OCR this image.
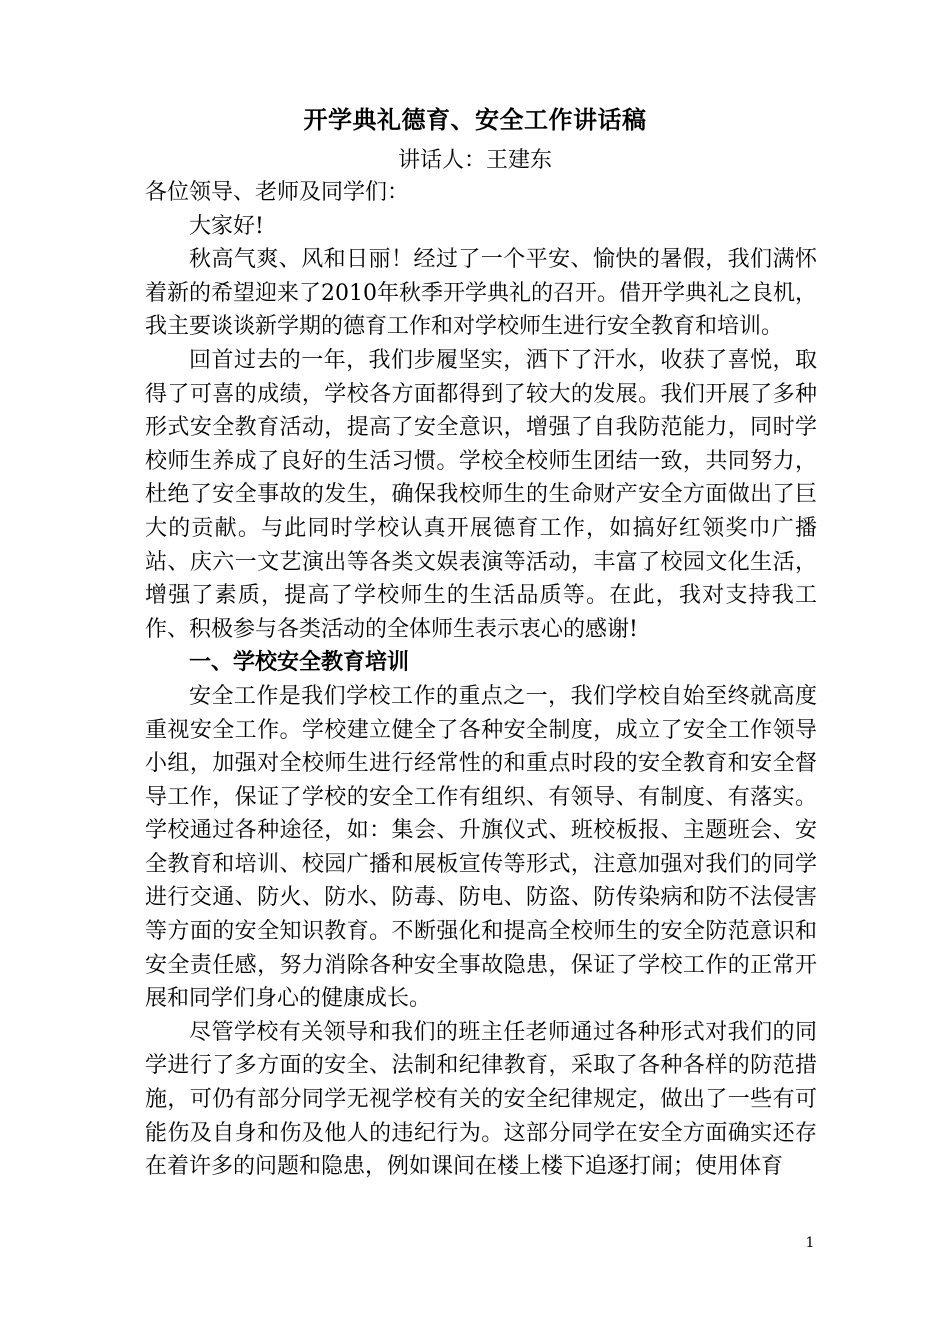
开学典礼德育、安全工作讲话稿
讲话人：王建东

各位领导、老师及同学们：

大家好!

秋高气爽、风和日丽！经过了一个平安、愉快的暑假，我们满怀着新的希望迎来了2010年秋季开学典礼的召开。借开学典礼之良机，我主要谈谈新学期的德育工作和对学校师生进行安全教育和培训。

回首过去的一年，我们步履坚实，洒下了汗水，收获了喜悦，取得了可喜的成绩，学校各方面都得到了较大的发展。我们开展了多种形式安全教育活动，提高了安全意识，增强了自我防范能力，同时学校师生养成了良好的生活习惯。学校全校师生团结一致，共同努力，杜绝了安全事故的发生，确保我校师生的生命财产安全方面做出了巨大的贡献。与此同时学校认真开展德育工作，如搞好红领奖巾广播站、庆六一文艺演出等各类文娱表演等活动，丰富了校园文化生活，增强了素质，提高了学校师生的生活品质等。在此，我对支持我工作、积极参与各类活动的全体师生表示衷心的感谢!

一、学校安全教育培训

安全工作是我们学校工作的重点之一，我们学校自始至终就高度重视安全工作。学校建立健全了各种安全制度，成立了安全工作领导小组，加强对全校师生进行经常性的和重点时段的安全教育和安全督导工作，保证了学校的安全工作有组织、有领导、有制度、有落实。学校通过各种途径，如：集会、升旗仪式、班校板报、主题班会、安全教育和培训、校园广播和展板宣传等形式，注意加强对我们的同学进行交通、防火、防水、防毒、防电、防盗、防传染病和防不法侵害等方面的安全知识教育。不断强化和提高全校师生的安全防范意识和安全责任感，努力消除各种安全事故隐患，保证了学校工作的正常开展和同学们身心的健康成长。

尽管学校有关领导和我们的班主任老师通过各种形式对我们的同学进行了多方面的安全、法制和纪律教育，采取了各种各样的防范措施，可仍有部分同学无视学校有关的安全纪律规定，做出了一些有可能伤及自身和伤及他人的违纪行为。这部分同学在安全方面确实还存在着许多的问题和隐患，例如课间在楼上楼下追逐打闹；使用体育

1
